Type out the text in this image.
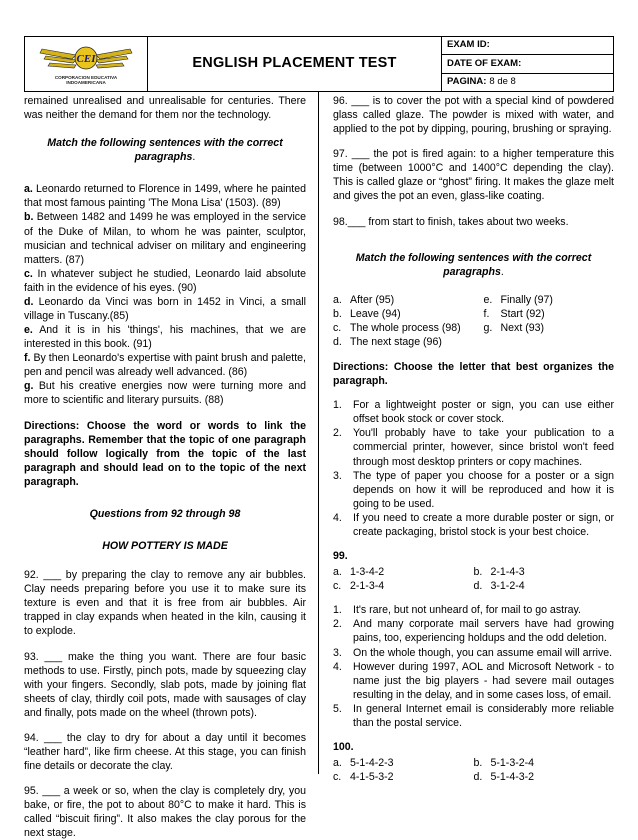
CEI
CORPORACION EDUCATIVA
INDOAMERICANA
ENGLISH PLACEMENT TEST
EXAM ID:
DATE OF EXAM:
PAGINA: 8 de 8

remained unrealised and unrealisable for centuries. There was neither the demand for them nor the technology.

Match the following sentences with the correct paragraphs.

a. Leonardo returned to Florence in 1499, where he painted that most famous painting 'The Mona Lisa' (1503). (89)

b. Between 1482 and 1499 he was employed in the service of the Duke of Milan, to whom he was painter, sculptor, musician and technical adviser on military and engineering matters. (87)

c. In whatever subject he studied, Leonardo laid absolute faith in the evidence of his eyes. (90)

d. Leonardo da Vinci was born in 1452 in Vinci, a small village in Tuscany.(85)

e. And it is in his 'things', his machines, that we are interested in this book. (91)

f. By then Leonardo's expertise with paint brush and palette, pen and pencil was already well advanced. (86)

g. But his creative energies now were turning more and more to scientific and literary pursuits. (88)

Directions: Choose the word or words to link the paragraphs. Remember that the topic of one paragraph should follow logically from the topic of the last paragraph and should lead on to the topic of the next paragraph.

Questions from 92 through 98

HOW POTTERY IS MADE

92. ___ by preparing the clay to remove any air bubbles. Clay needs preparing before you use it to make sure its texture is even and that it is free from air bubbles. Air trapped in clay expands when heated in the kiln, causing it to explode.

93. ___ make the thing you want. There are four basic methods to use. Firstly, pinch pots, made by squeezing clay with your fingers. Secondly, slab pots, made by joining flat sheets of clay, thirdly coil pots, made with sausages of clay and finally, pots made on the wheel (thrown pots).

94. ___ the clay to dry for about a day until it becomes “leather hard”, like firm cheese. At this stage, you can finish fine details or decorate the clay.

95. ___ a week or so, when the clay is completely dry, you bake, or fire, the pot to about 80°C to make it hard. This is called “biscuit firing”. It also makes the clay porous for the next stage.

96. ___ is to cover the pot with a special kind of powdered glass called glaze. The powder is mixed with water, and applied to the pot by dipping, pouring, brushing or spraying.

97. ___ the pot is fired again: to a higher temperature this time (between 1000°C and 1400°C depending the clay). This is called glaze or “ghost” firing. It makes the glaze melt and gives the pot an even, glass-like coating.

98.___ from start to finish, takes about two weeks.

Match the following sentences with the correct paragraphs.

a. After (95)	e. Finally (97)
b. Leave (94)	f.	Start (92)
c. The whole process (98) g. Next (93)
d. The next stage (96)

Directions: Choose the letter that best organizes the paragraph.

1.	For a lightweight poster or sign, you can use either offset book stock or cover stock.
2.	You'll probably have to take your publication to a commercial printer, however, since bristol won't feed through most desktop printers or copy machines.
3.	The type of paper you choose for a poster or a sign depends on how it will be reproduced and how it is going to be used.
4.	If you need to create a more durable poster or sign, or create packaging, bristol stock is your best choice.

99.

a. 1-3-4-2	b. 2-1-4-3
c. 2-1-3-4	d. 3-1-2-4
1.	It's rare, but not unheard of, for mail to go astray.
2.	And many corporate mail servers have had growing pains, too, experiencing holdups and the odd deletion.
3.	On the whole though, you can assume email will arrive.
4.	However during 1997, AOL and Microsoft Network - to name just the big players - had severe mail outages resulting in the delay, and in some cases loss, of email.
5.	In general Internet email is considerably more reliable than the postal service.

100.

a. 5-1-4-2-3	b. 5-1-3-2-4
c. 4-1-5-3-2	d. 5-1-4-3-2
